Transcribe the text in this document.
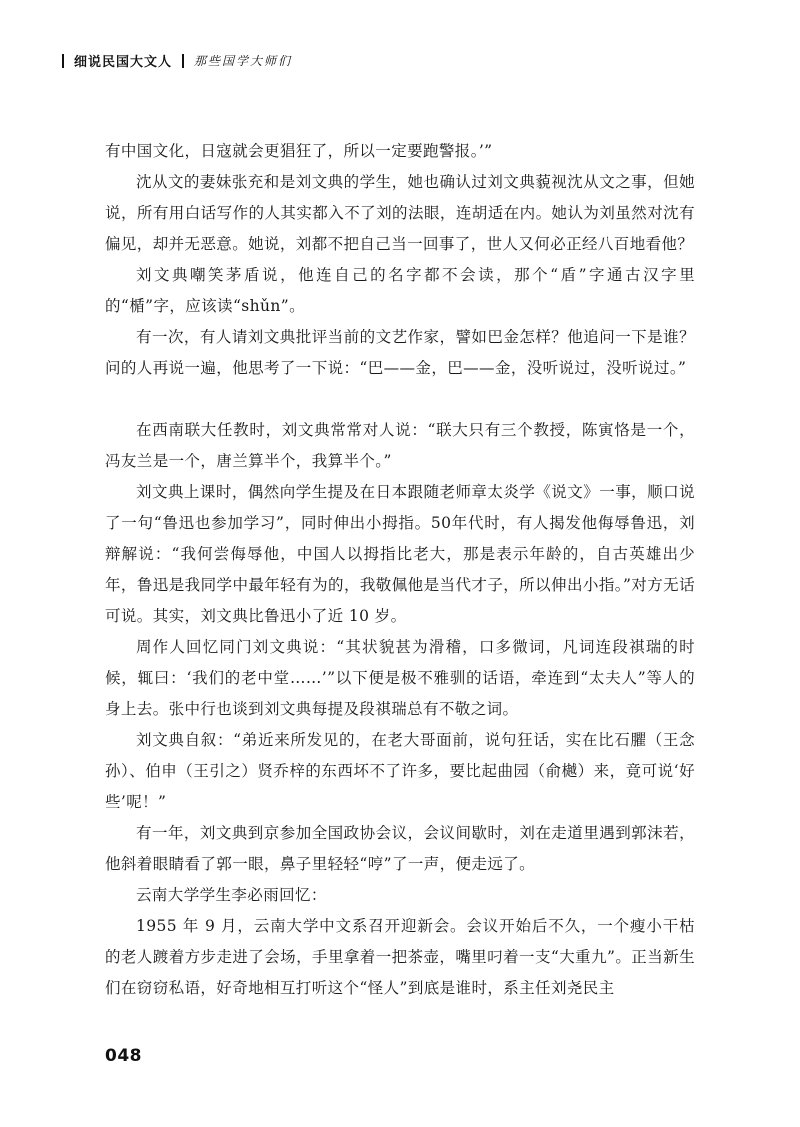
细说民国大文人 那些国学大师们

有中国文化，日寇就会更猖狂了，所以一定要跑警报。’”

沈从文的妻妹张充和是刘文典的学生，她也确认过刘文典藐视沈从文之事，但她说，所有用白话写作的人其实都入不了刘的法眼，连胡适在内。她认为刘虽然对沈有偏见，却并无恶意。她说，刘都不把自己当一回事了，世人又何必正经八百地看他？

刘文典嘲笑茅盾说，他连自己的名字都不会读，那个“盾”字通古汉字里的“楯”字，应该读“shǔn”。

有一次，有人请刘文典批评当前的文艺作家，譬如巴金怎样？他追问一下是谁？问的人再说一遍，他思考了一下说：“巴——金，巴——金，没听说过，没听说过。”

在西南联大任教时，刘文典常常对人说：“联大只有三个教授，陈寅恪是一个，冯友兰是一个，唐兰算半个，我算半个。”

刘文典上课时，偶然向学生提及在日本跟随老师章太炎学《说文》一事，顺口说了一句“鲁迅也参加学习”，同时伸出小拇指。50年代时，有人揭发他侮辱鲁迅，刘辩解说：“我何尝侮辱他，中国人以拇指比老大，那是表示年龄的，自古英雄出少年，鲁迅是我同学中最年轻有为的，我敬佩他是当代才子，所以伸出小指。”对方无话可说。其实，刘文典比鲁迅小了近 10 岁。

周作人回忆同门刘文典说：“其状貌甚为滑稽，口多微词，凡词连段祺瑞的时候，辄曰：‘我们的老中堂……’”以下便是极不雅驯的话语，牵连到“太夫人”等人的身上去。张中行也谈到刘文典每提及段祺瑞总有不敬之词。

刘文典自叙：“弟近来所发见的，在老大哥面前，说句狂话，实在比石臞（王念孙）、伯申（王引之）贤乔梓的东西坏不了许多，要比起曲园（俞樾）来，竟可说‘好些’呢！”

有一年，刘文典到京参加全国政协会议，会议间歇时，刘在走道里遇到郭沫若，他斜着眼睛看了郭一眼，鼻子里轻轻“哼”了一声，便走远了。

云南大学学生李必雨回忆：

1955 年 9 月，云南大学中文系召开迎新会。会议开始后不久，一个瘦小干枯的老人踱着方步走进了会场，手里拿着一把茶壶，嘴里叼着一支“大重九”。正当新生们在窃窃私语，好奇地相互打听这个“怪人”到底是谁时，系主任刘尧民主

048
